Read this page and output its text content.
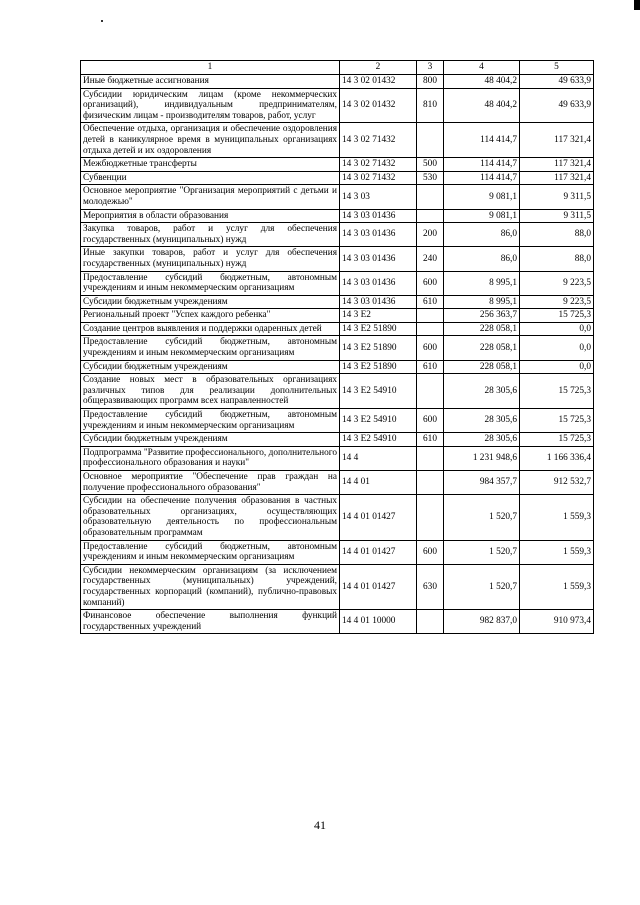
1	2	3	4	5
Иные бюджетные ассигнования	14 3 02 01432	800	48 404,2	49 633,9
Субсидии юридическим лицам (кроме некоммерческих организаций), индивидуальным предпринимателям, физическим лицам - производителям товаров, работ, услуг	14 3 02 01432	810	48 404,2	49 633,9
Обеспечение отдыха, организация и обеспечение оздоровления детей в каникулярное время в муниципальных организациях отдыха детей и их оздоровления	14 3 02 71432		114 414,7	117 321,4
Межбюджетные трансферты	14 3 02 71432	500	114 414,7	117 321,4
Субвенции	14 3 02 71432	530	114 414,7	117 321,4
Основное мероприятие "Организация мероприятий с детьми и молодежью"	14 3 03		9 081,1	9 311,5
Мероприятия в области образования	14 3 03 01436		9 081,1	9 311,5
Закупка товаров, работ и услуг для обеспечения государственных (муниципальных) нужд	14 3 03 01436	200	86,0	88,0
Иные закупки товаров, работ и услуг для обеспечения государственных (муниципальных) нужд	14 3 03 01436	240	86,0	88,0
Предоставление субсидий бюджетным, автономным учреждениям и иным некоммерческим организациям	14 3 03 01436	600	8 995,1	9 223,5
Субсидии бюджетным учреждениям	14 3 03 01436	610	8 995,1	9 223,5
Региональный проект "Успех каждого ребенка"	14 3 E2		256 363,7	15 725,3
Создание центров выявления и поддержки одаренных детей	14 3 E2 51890		228 058,1	0,0
Предоставление субсидий бюджетным, автономным учреждениям и иным некоммерческим организациям	14 3 E2 51890	600	228 058,1	0,0
Субсидии бюджетным учреждениям	14 3 E2 51890	610	228 058,1	0,0
Создание новых мест в образовательных организациях различных типов для реализации дополнительных общеразвивающих программ всех направленностей	14 3 E2 54910		28 305,6	15 725,3
Предоставление субсидий бюджетным, автономным учреждениям и иным некоммерческим организациям	14 3 E2 54910	600	28 305,6	15 725,3
Субсидии бюджетным учреждениям	14 3 E2 54910	610	28 305,6	15 725,3
Подпрограмма "Развитие профессионального, дополнительного профессионального образования и науки"	14 4		1 231 948,6	1 166 336,4
Основное мероприятие "Обеспечение прав граждан на получение профессионального образования"	14 4 01		984 357,7	912 532,7
Субсидии на обеспечение получения образования в частных образовательных организациях, осуществляющих образовательную деятельность по профессиональным образовательным программам	14 4 01 01427		1 520,7	1 559,3
Предоставление субсидий бюджетным, автономным учреждениям и иным некоммерческим организациям	14 4 01 01427	600	1 520,7	1 559,3
Субсидии некоммерческим организациям (за исключением государственных (муниципальных) учреждений, государственных корпораций (компаний), публично-правовых компаний)	14 4 01 01427	630	1 520,7	1 559,3
Финансовое обеспечение выполнения функций государственных учреждений	14 4 01 10000		982 837,0	910 973,4
41
